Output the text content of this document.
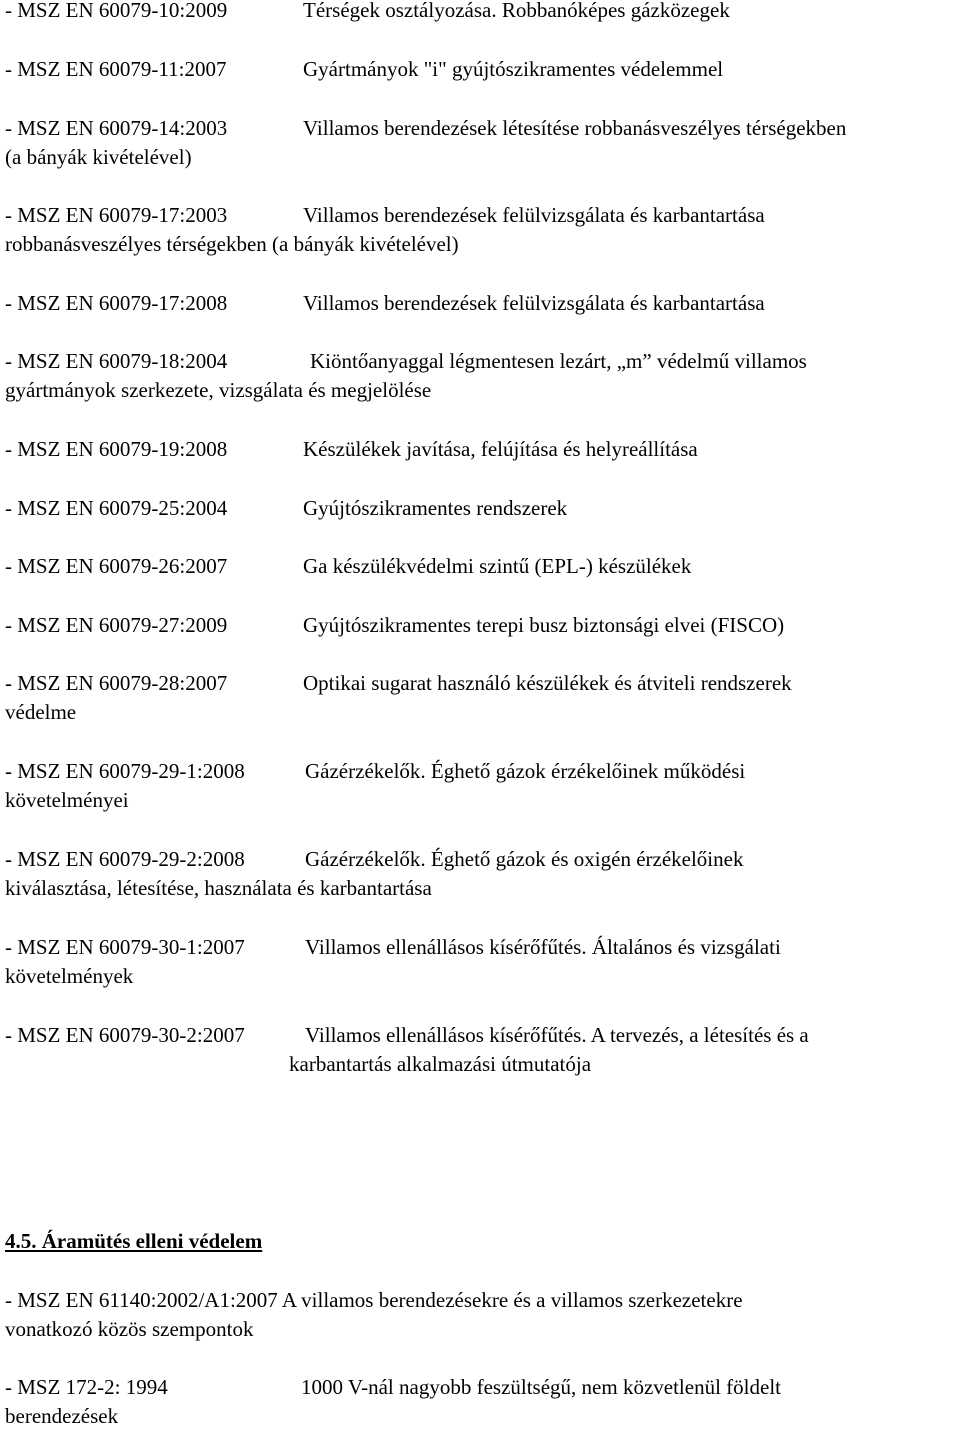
- MSZ EN 60079-10:2009	Térségek osztályozása. Robbanóképes gázközegek
- MSZ EN 60079-11:2007	Gyártmányok "i" gyújtószikramentes védelemmel
- MSZ EN 60079-14:2003	Villamos berendezések létesítése robbanásveszélyes térségekben
(a bányák kivételével)
- MSZ EN 60079-17:2003	Villamos berendezések felülvizsgálata és karbantartása
robbanásveszélyes térségekben (a bányák kivételével)
- MSZ EN 60079-17:2008	Villamos berendezések felülvizsgálata és karbantartása
- MSZ EN 60079-18:2004	Kiöntőanyaggal légmentesen lezárt, „m” védelmű villamos
gyártmányok szerkezete, vizsgálata és megjelölése
- MSZ EN 60079-19:2008	Készülékek javítása, felújítása és helyreállítása
- MSZ EN 60079-25:2004	Gyújtószikramentes rendszerek
- MSZ EN 60079-26:2007	Ga készülékvédelmi szintű (EPL-) készülékek
- MSZ EN 60079-27:2009	Gyújtószikramentes terepi busz biztonsági elvei (FISCO)
- MSZ EN 60079-28:2007	Optikai sugarat használó készülékek és átviteli rendszerek
védelme
- MSZ EN 60079-29-1:2008	Gázérzékelők. Éghető gázok érzékelőinek működési
követelményei
- MSZ EN 60079-29-2:2008	Gázérzékelők. Éghető gázok és oxigén érzékelőinek
kiválasztása, létesítése, használata és karbantartása
- MSZ EN 60079-30-1:2007	Villamos ellenállásos kísérőfűtés. Általános és vizsgálati
követelmények
- MSZ EN 60079-30-2:2007	Villamos ellenállásos kísérőfűtés. A tervezés, a létesítés és a
karbantartás alkalmazási útmutatója
4.5. Áramütés elleni védelem
- MSZ EN 61140:2002/A1:2007 A villamos berendezésekre és a villamos szerkezetekre
vonatkozó közös szempontok
- MSZ 172-2: 1994	1000 V-nál nagyobb feszültségű, nem közvetlenül földelt
berendezések
